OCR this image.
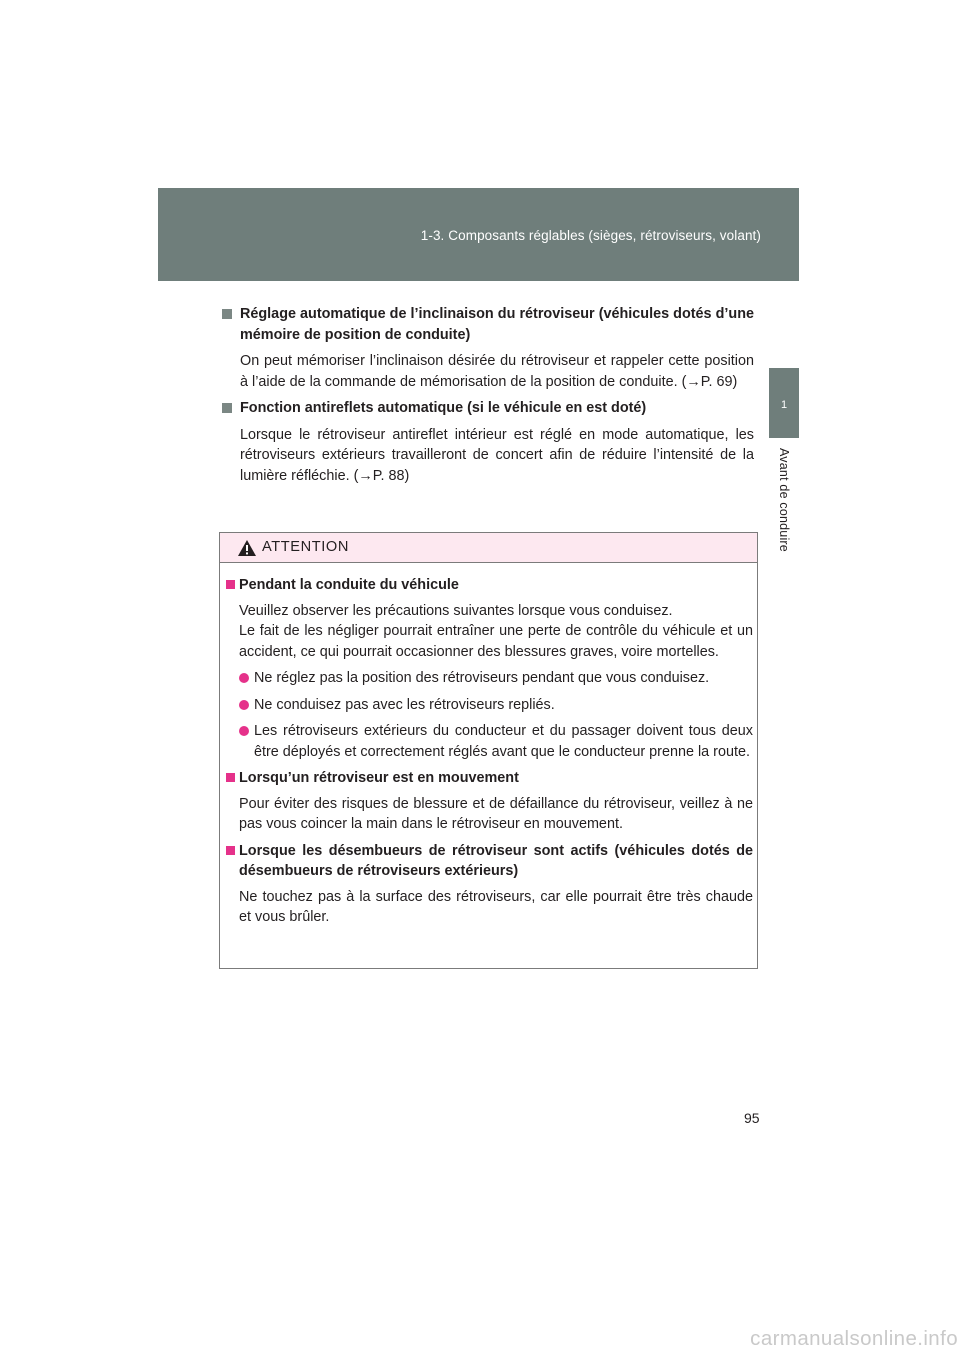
1-3. Composants réglables (sièges, rétroviseurs, volant)
1
Avant de conduire
Réglage automatique de l’inclinaison du rétroviseur (véhicules dotés d’une mémoire de position de conduite)
On peut mémoriser l’inclinaison désirée du rétroviseur et rappeler cette position à l’aide de la commande de mémorisation de la position de conduite. (→P. 69)
Fonction antireflets automatique (si le véhicule en est doté)
Lorsque le rétroviseur antireflet intérieur est réglé en mode automatique, les rétroviseurs extérieurs travailleront de concert afin de réduire l’intensité de la lumière réfléchie. (→P. 88)
ATTENTION
Pendant la conduite du véhicule
Veuillez observer les précautions suivantes lorsque vous conduisez.
Le fait de les négliger pourrait entraîner une perte de contrôle du véhicule et un accident, ce qui pourrait occasionner des blessures graves, voire mortelles.
Ne réglez pas la position des rétroviseurs pendant que vous conduisez.
Ne conduisez pas avec les rétroviseurs repliés.
Les rétroviseurs extérieurs du conducteur et du passager doivent tous deux être déployés et correctement réglés avant que le conducteur prenne la route.
Lorsqu’un rétroviseur est en mouvement
Pour éviter des risques de blessure et de défaillance du rétroviseur, veillez à ne pas vous coincer la main dans le rétroviseur en mouvement.
Lorsque les désembueurs de rétroviseur sont actifs (véhicules dotés de désembueurs de rétroviseurs extérieurs)
Ne touchez pas à la surface des rétroviseurs, car elle pourrait être très chaude et vous brûler.
95
carmanualsonline.info
